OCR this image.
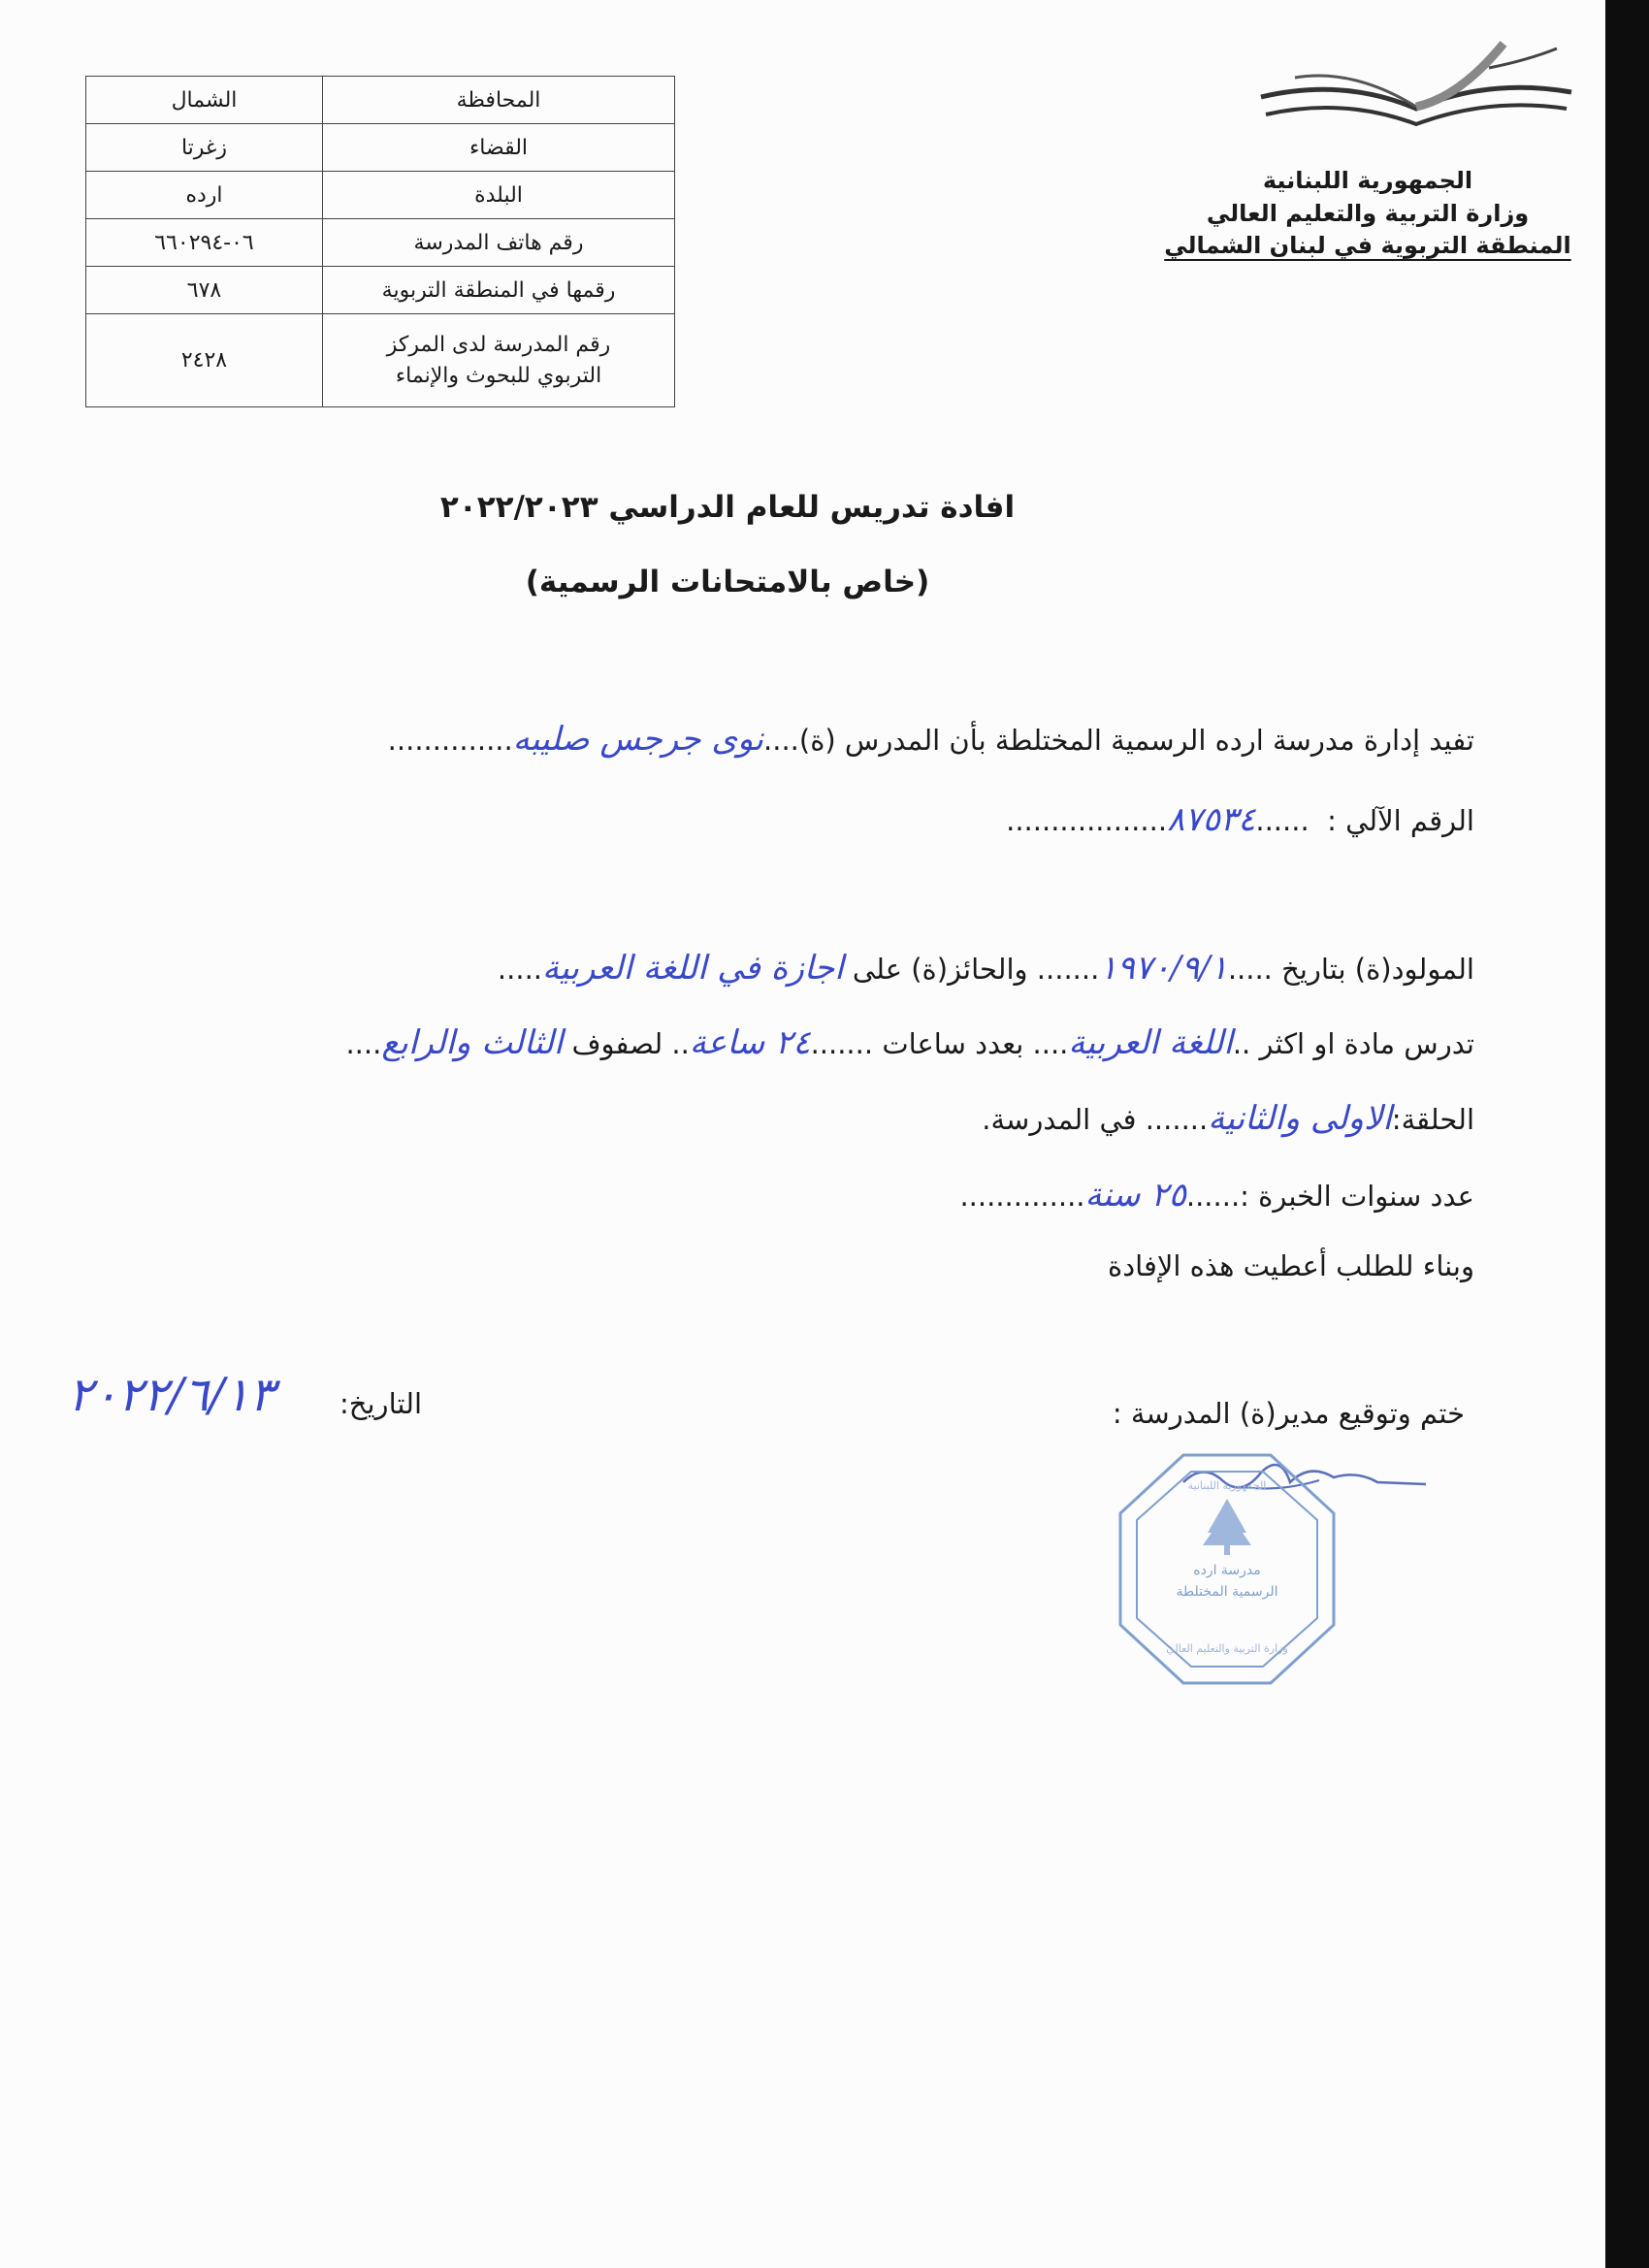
المحافظة	الشمال
القضاء	زغرتا
البلدة	ارده
رقم هاتف المدرسة	٠٦-٦٦٠٢٩٤
رقمها في المنطقة التربوية	٦٧٨

رقم المدرسة لدى المركز
التربوي للبحوث والإنماء	٢٤٢٨
الجمهورية اللبنانية
وزارة التربية والتعليم العالي
المنطقة التربوية في لبنان الشمالي
افادة تدريس للعام الدراسي ٢٠٢٢/٢٠٢٣
(خاص بالامتحانات الرسمية)
تفيد إدارة مدرسة ارده الرسمية المختلطة بأن المدرس (ة)....نوى جرجس صليبه..............
الرقم الآلي :  ......٨٧٥٣٤..................
المولود(ة) بتاريخ .....١٩٧٠/٩/١....... والحائز(ة) على اجازة في اللغة العربية.....
تدرس مادة او اكثر ..اللغة العربية.... بعدد ساعات .......٢٤ ساعة.. لصفوف الثالث والرابع....
الحلقة:الاولى والثانية....... في المدرسة.
عدد سنوات الخبرة :......٢٥ سنة..............
وبناء للطلب أعطيت هذه الإفادة
ختم وتوقيع مدير(ة) المدرسة :
التاريخ:
٢٠٢٢/٦/١٣
مدرسة ارده
الرسمية المختلطة
الجمهورية اللبنانية
وزارة التربية والتعليم العالي
